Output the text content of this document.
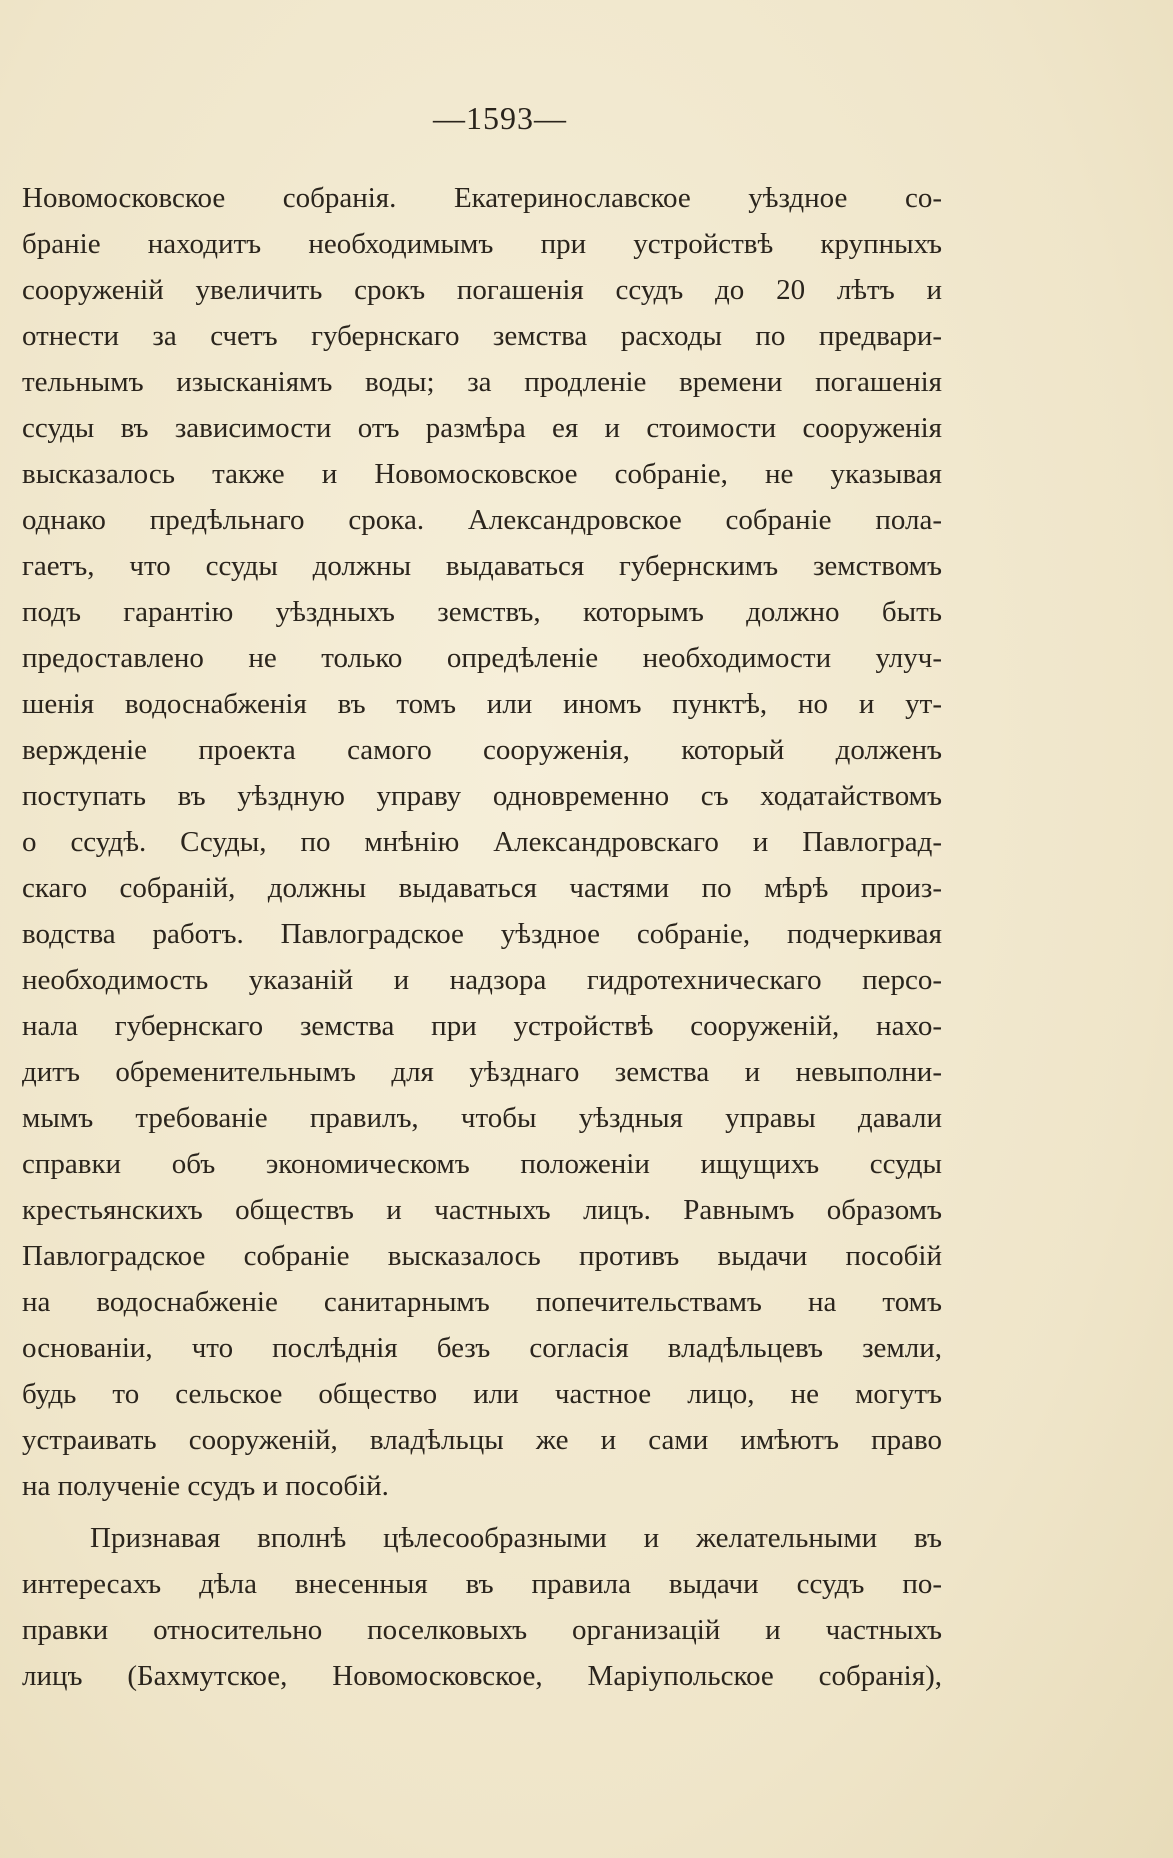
—1593—
Новомосковское собранія. Екатеринославское уѣздное со-
браніе находитъ необходимымъ при устройствѣ крупныхъ
сооруженій увеличить срокъ погашенія ссудъ до 20 лѣтъ и
отнести за счетъ губернскаго земства расходы по предвари-
тельнымъ изысканіямъ воды; за продленіе времени погашенія
ссуды въ зависимости отъ размѣра ея и стоимости сооруженія
высказалось также и Новомосковское собраніе, не указывая
однако предѣльнаго срока. Александровское собраніе пола-
гаетъ, что ссуды должны выдаваться губернскимъ земствомъ
подъ гарантію уѣздныхъ земствъ, которымъ должно быть
предоставлено не только опредѣленіе необходимости улуч-
шенія водоснабженія въ томъ или иномъ пунктѣ, но и ут-
вержденіе проекта самого сооруженія, который долженъ
поступать въ уѣздную управу одновременно съ ходатайствомъ
о ссудѣ. Ссуды, по мнѣнію Александровскаго и Павлоград-
скаго собраній, должны выдаваться частями по мѣрѣ произ-
водства работъ. Павлоградское уѣздное собраніе, подчеркивая
необходимость указаній и надзора гидротехническаго персо-
нала губернскаго земства при устройствѣ сооруженій, нахо-
дитъ обременительнымъ для уѣзднаго земства и невыполни-
мымъ требованіе правилъ, чтобы уѣздныя управы давали
справки объ экономическомъ положеніи ищущихъ ссуды
крестьянскихъ обществъ и частныхъ лицъ. Равнымъ образомъ
Павлоградское собраніе высказалось противъ выдачи пособій
на водоснабженіе санитарнымъ попечительствамъ на томъ
основаніи, что послѣднія безъ согласія владѣльцевъ земли,
будь то сельское общество или частное лицо, не могутъ
устраивать сооруженій, владѣльцы же и сами имѣютъ право
на полученіе ссудъ и пособій.
Признавая вполнѣ цѣлесообразными и желательными въ
интересахъ дѣла внесенныя въ правила выдачи ссудъ по-
правки относительно поселковыхъ организацій и частныхъ
лицъ (Бахмутское, Новомосковское, Маріупольское собранія),
